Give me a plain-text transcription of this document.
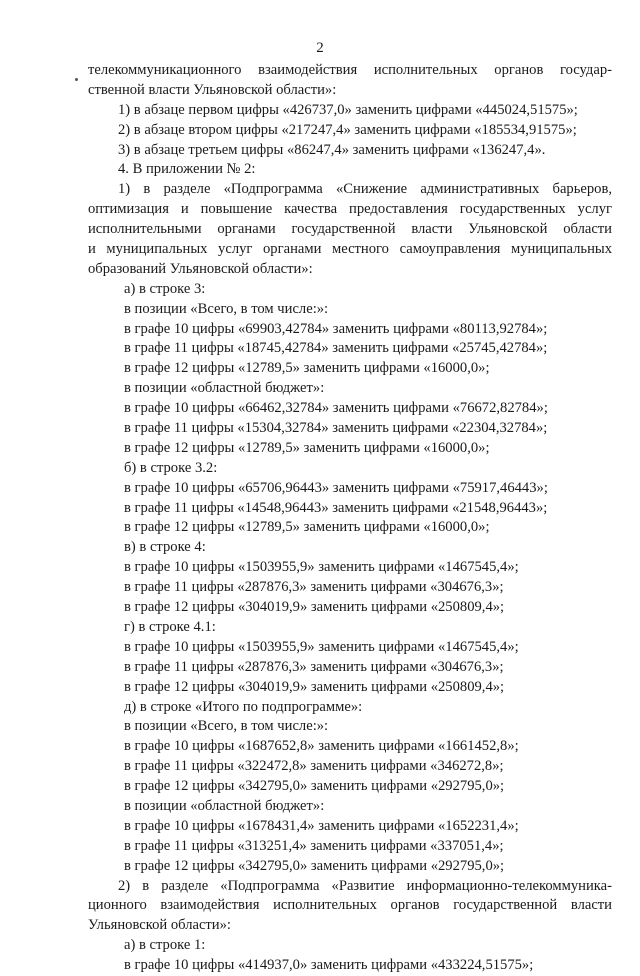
2
телекоммуникационного взаимодействия исполнительных органов государ-
ственной власти Ульяновской области»:
1) в абзаце первом цифры «426737,0» заменить цифрами «445024,51575»;
2) в абзаце втором цифры «217247,4» заменить цифрами «185534,91575»;
3) в абзаце третьем цифры «86247,4» заменить цифрами «136247,4».
4. В приложении № 2:
1) в разделе «Подпрограмма «Снижение административных барьеров,
оптимизация и повышение качества предоставления государственных услуг
исполнительными органами государственной власти Ульяновской области
и муниципальных услуг органами местного самоуправления муниципальных
образований Ульяновской области»:
а) в строке 3:
в позиции «Всего, в том числе:»:
в графе 10 цифры «69903,42784» заменить цифрами «80113,92784»;
в графе 11 цифры «18745,42784» заменить цифрами «25745,42784»;
в графе 12 цифры «12789,5» заменить цифрами «16000,0»;
в позиции «областной бюджет»:
в графе 10 цифры «66462,32784» заменить цифрами «76672,82784»;
в графе 11 цифры «15304,32784» заменить цифрами «22304,32784»;
в графе 12 цифры «12789,5» заменить цифрами «16000,0»;
б) в строке 3.2:
в графе 10 цифры «65706,96443» заменить цифрами «75917,46443»;
в графе 11 цифры «14548,96443» заменить цифрами «21548,96443»;
в графе 12 цифры «12789,5» заменить цифрами «16000,0»;
в) в строке 4:
в графе 10 цифры «1503955,9» заменить цифрами «1467545,4»;
в графе 11 цифры «287876,3» заменить цифрами «304676,3»;
в графе 12 цифры «304019,9» заменить цифрами «250809,4»;
г) в строке 4.1:
в графе 10 цифры «1503955,9» заменить цифрами «1467545,4»;
в графе 11 цифры «287876,3» заменить цифрами «304676,3»;
в графе 12 цифры «304019,9» заменить цифрами «250809,4»;
д) в строке «Итого по подпрограмме»:
в позиции «Всего, в том числе:»:
в графе 10 цифры «1687652,8» заменить цифрами «1661452,8»;
в графе 11 цифры «322472,8» заменить цифрами «346272,8»;
в графе 12 цифры «342795,0» заменить цифрами «292795,0»;
в позиции «областной бюджет»:
в графе 10 цифры «1678431,4» заменить цифрами «1652231,4»;
в графе 11 цифры «313251,4» заменить цифрами «337051,4»;
в графе 12 цифры «342795,0» заменить цифрами «292795,0»;
2) в разделе «Подпрограмма «Развитие информационно-телекоммуника-
ционного взаимодействия исполнительных органов государственной власти
Ульяновской области»:
а) в строке 1:
в графе 10 цифры «414937,0» заменить цифрами «433224,51575»;
